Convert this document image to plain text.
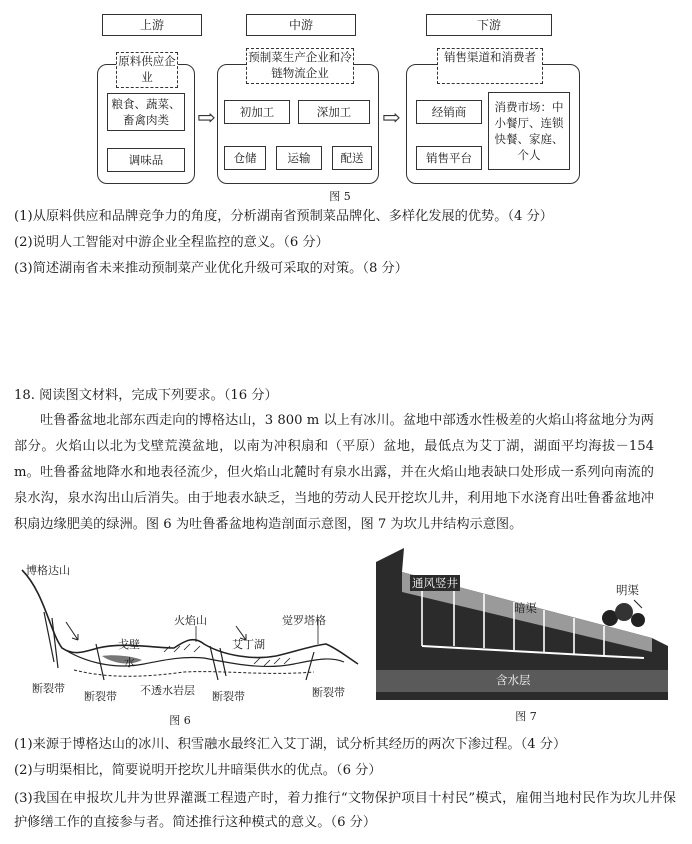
上游
原料供应企业
粮食、蔬菜、畜禽肉类
调味品
⇨
中游
预制菜生产企业和冷链物流企业
初加工	深加工
仓储	运输	配送
⇨
下游
销售渠道和消费者
经销商
销售平台
消费市场：中小餐厅、连锁快餐、家庭、个人
图 5
(1)从原料供应和品牌竞争力的角度，分析湖南省预制菜品牌化、多样化发展的优势。（4 分）
(2)说明人工智能对中游企业全程监控的意义。（6 分）
(3)简述湖南省未来推动预制菜产业优化升级可采取的对策。（8 分）
18. 阅读图文材料，完成下列要求。（16 分）
吐鲁番盆地北部东西走向的博格达山，3 800 m 以上有冰川。盆地中部透水性极差的火焰山将盆地分为两部分。火焰山以北为戈壁荒漠盆地，以南为冲积扇和（平原）盆地，最低点为艾丁湖，湖面平均海拔－154 m。吐鲁番盆地降水和地表径流少，但火焰山北麓时有泉水出露，并在火焰山地表缺口处形成一系列向南流的泉水沟，泉水沟出山后消失。由于地表水缺乏，当地的劳动人民开挖坎儿井，利用地下水浇育出吐鲁番盆地冲积扇边缘肥美的绿洲。图 6 为吐鲁番盆地构造剖面示意图，图 7 为坎儿井结构示意图。
博格达山
火焰山	觉罗塔格
戈壁	艾丁湖
水
不透水岩层
断裂带
断裂带	断裂带	断裂带
图 6
通风竖井
暗渠
明渠
含水层
图 7
(1)来源于博格达山的冰川、积雪融水最终汇入艾丁湖，试分析其经历的两次下渗过程。（4 分）
(2)与明渠相比，简要说明开挖坎儿井暗渠供水的优点。（6 分）
(3)我国在申报坎儿井为世界灌溉工程遗产时，着力推行“文物保护项目十村民”模式，雇佣当地村民作为坎儿井保护修缮工作的直接参与者。简述推行这种模式的意义。（6 分）
